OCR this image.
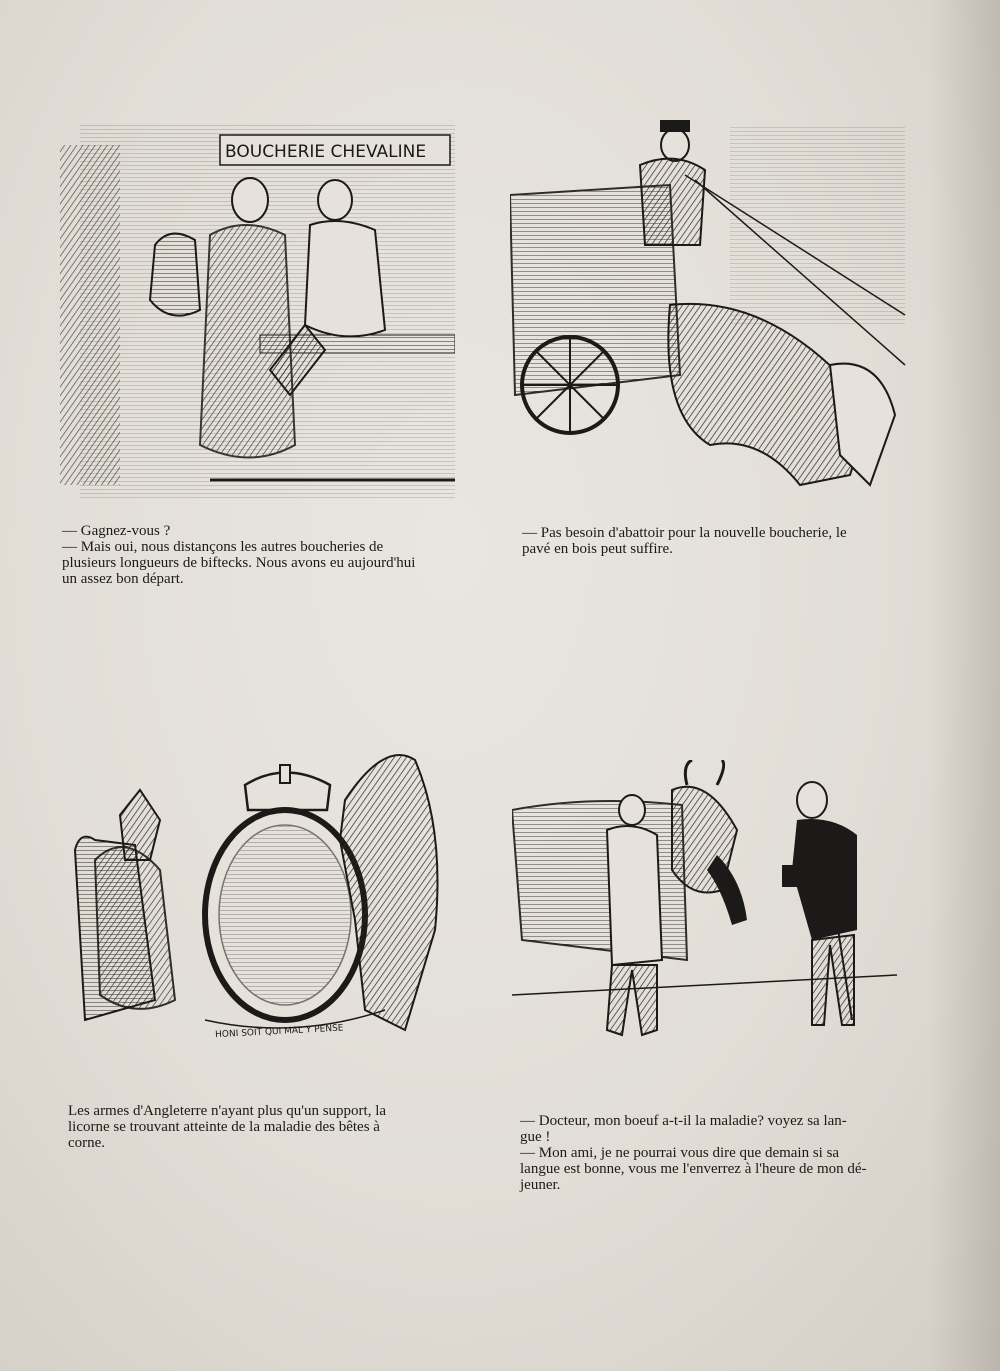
BOUCHERIE CHEVALINE
— Gagnez-vous ?
— Mais oui, nous distançons les autres boucheries de
plusieurs longueurs de biftecks. Nous avons eu aujourd'hui
un assez bon départ.
— Pas besoin d'abattoir pour la nouvelle boucherie, le
pavé en bois peut suffire.
HONI SOIT QUI MAL Y PENSE
Les armes d'Angleterre n'ayant plus qu'un support, la
licorne se trouvant atteinte de la maladie des bêtes à
corne.
— Docteur, mon boeuf a-t-il la maladie? voyez sa lan-
gue !
— Mon ami, je ne pourrai vous dire que demain si sa
langue est bonne, vous me l'enverrez à l'heure de mon dé-
jeuner.
